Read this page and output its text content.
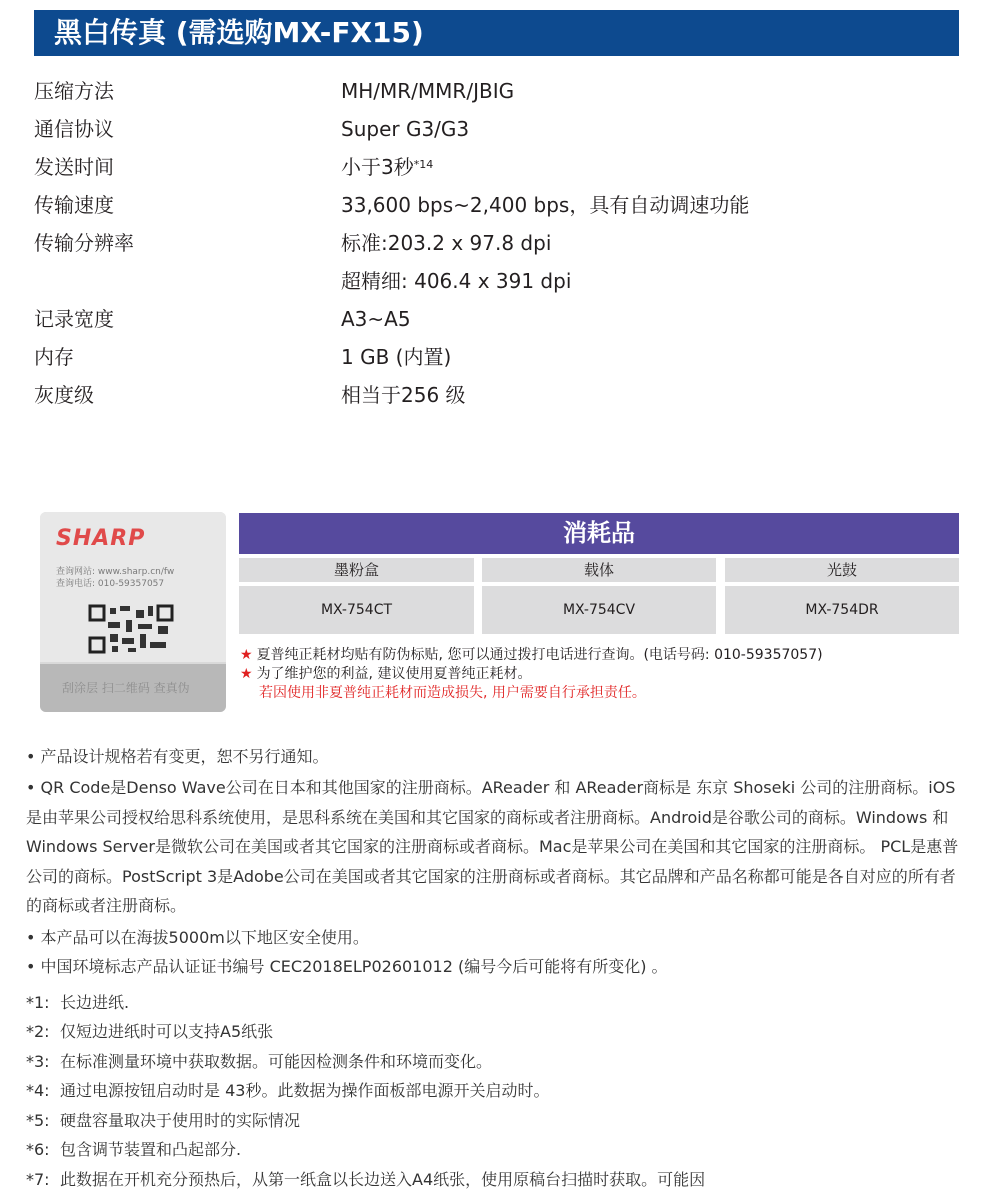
黑白传真 (需选购MX-FX15)
压缩方法	MH/MR/MMR/JBIG
通信协议	Super G3/G3
发送时间	小于3秒$^{*14}$
传输速度	33,600 bps~2,400 bps，具有自动调速功能
传输分辨率	标准:203.2 x 97.8 dpi
超精细: 406.4 x 391 dpi
记录宽度	A3~A5
内存	1 GB (内置)
灰度级	相当于256 级
SHARP
查询网站: www.sharp.cn/fw
查询电话: 010-59357057
刮涂层 扫二维码 查真伪
消耗品
墨粉盒	载体	光鼓
MX-754CT	MX-754CV	MX-754DR
★ 夏普纯正耗材均贴有防伪标贴, 您可以通过拨打电话进行查询。(电话号码: 010-59357057)
★ 为了维护您的利益, 建议使用夏普纯正耗材。
若因使用非夏普纯正耗材而造成损失, 用户需要自行承担责任。
• 产品设计规格若有变更，恕不另行通知。
• QR Code是Denso Wave公司在日本和其他国家的注册商标。AReader 和 AReader商标是 东京 Shoseki 公司的注册商标。iOS 是由苹果公司授权给思科系统使用，是思科系统在美国和其它国家的商标或者注册商标。Android是谷歌公司的商标。Windows 和Windows Server是微软公司在美国或者其它国家的注册商标或者商标。Mac是苹果公司在美国和其它国家的注册商标。 PCL是惠普公司的商标。PostScript 3是Adobe公司在美国或者其它国家的注册商标或者商标。其它品牌和产品名称都可能是各自对应的所有者的商标或者注册商标。
• 本产品可以在海拔5000m以下地区安全使用。
• 中国环境标志产品认证证书编号 CEC2018ELP02601012 (编号今后可能将有所变化) 。
*1: 长边进纸.
*2: 仅短边进纸时可以支持A5纸张
*3: 在标准测量环境中获取数据。可能因检测条件和环境而变化。
*4: 通过电源按钮启动时是 43秒。此数据为操作面板部电源开关启动时。
*5: 硬盘容量取决于使用时的实际情况
*6: 包含调节装置和凸起部分.
*7: 此数据在开机充分预热后，从第一纸盒以长边送入A4纸张，使用原稿台扫描时获取。可能因
